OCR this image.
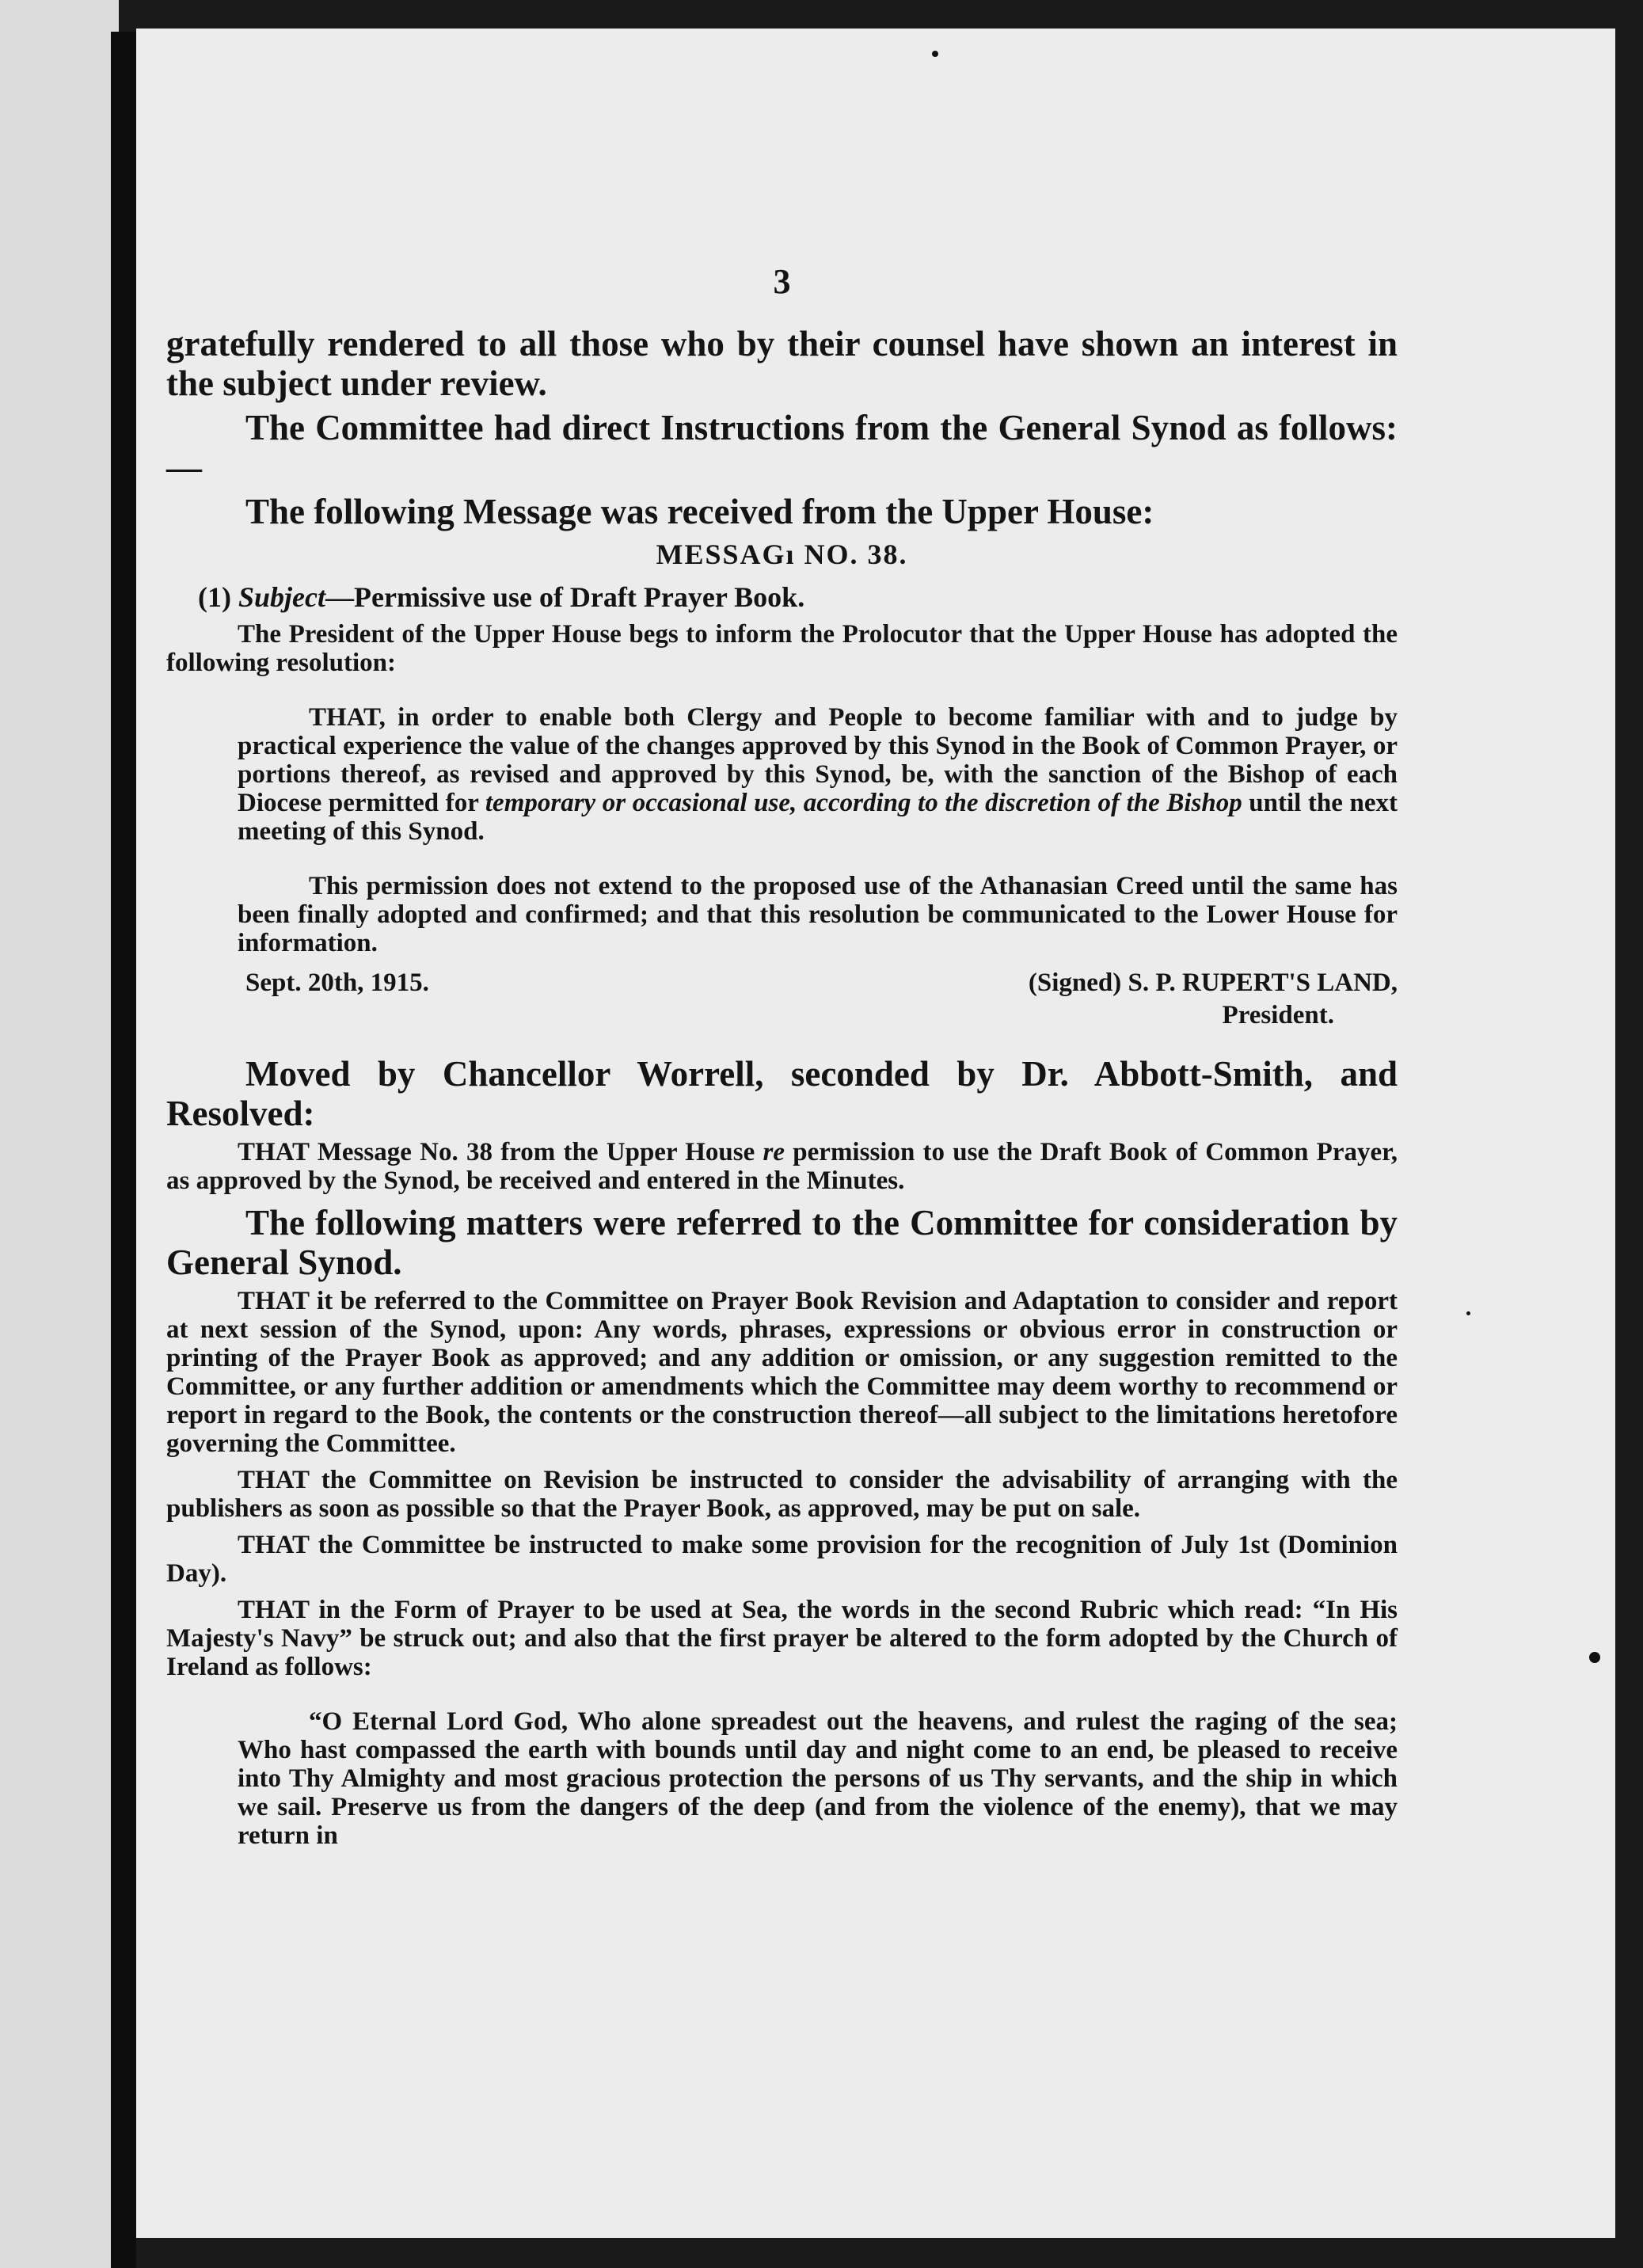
3

gratefully rendered to all those who by their counsel have shown an interest in the subject under review.

The Committee had direct Instructions from the General Synod as follows:—

The following Message was received from the Upper House:

MESSAGı NO. 38.
(1) Subject—Permissive use of Draft Prayer Book.

The President of the Upper House begs to inform the Prolocutor that the Upper House has adopted the following resolution:

THAT, in order to enable both Clergy and People to become familiar with and to judge by practical experience the value of the changes approved by this Synod in the Book of Common Prayer, or portions thereof, as revised and approved by this Synod, be, with the sanction of the Bishop of each Diocese permitted for temporary or occasional use, according to the discretion of the Bishop until the next meeting of this Synod.

This permission does not extend to the proposed use of the Athanasian Creed until the same has been finally adopted and confirmed; and that this resolution be communicated to the Lower House for information.

Sept. 20th, 1915.	(Signed) S. P. RUPERT'S LAND,
President.

Moved by Chancellor Worrell, seconded by Dr. Abbott-Smith, and Resolved:

THAT Message No. 38 from the Upper House re permission to use the Draft Book of Common Prayer, as approved by the Synod, be received and entered in the Minutes.

The following matters were referred to the Committee for consideration by General Synod.

THAT it be referred to the Committee on Prayer Book Revision and Adaptation to consider and report at next session of the Synod, upon: Any words, phrases, expressions or obvious error in construction or printing of the Prayer Book as approved; and any addition or omission, or any suggestion remitted to the Committee, or any further addition or amendments which the Committee may deem worthy to recommend or report in regard to the Book, the contents or the construction thereof—all subject to the limitations heretofore governing the Committee.

THAT the Committee on Revision be instructed to consider the advisability of arranging with the publishers as soon as possible so that the Prayer Book, as approved, may be put on sale.

THAT the Committee be instructed to make some provision for the recognition of July 1st (Dominion Day).

THAT in the Form of Prayer to be used at Sea, the words in the second Rubric which read: “In His Majesty's Navy” be struck out; and also that the first prayer be altered to the form adopted by the Church of Ireland as follows:

“O Eternal Lord God, Who alone spreadest out the heavens, and rulest the raging of the sea; Who hast compassed the earth with bounds until day and night come to an end, be pleased to receive into Thy Almighty and most gracious protection the persons of us Thy servants, and the ship in which we sail. Preserve us from the dangers of the deep (and from the violence of the enemy), that we may return in
